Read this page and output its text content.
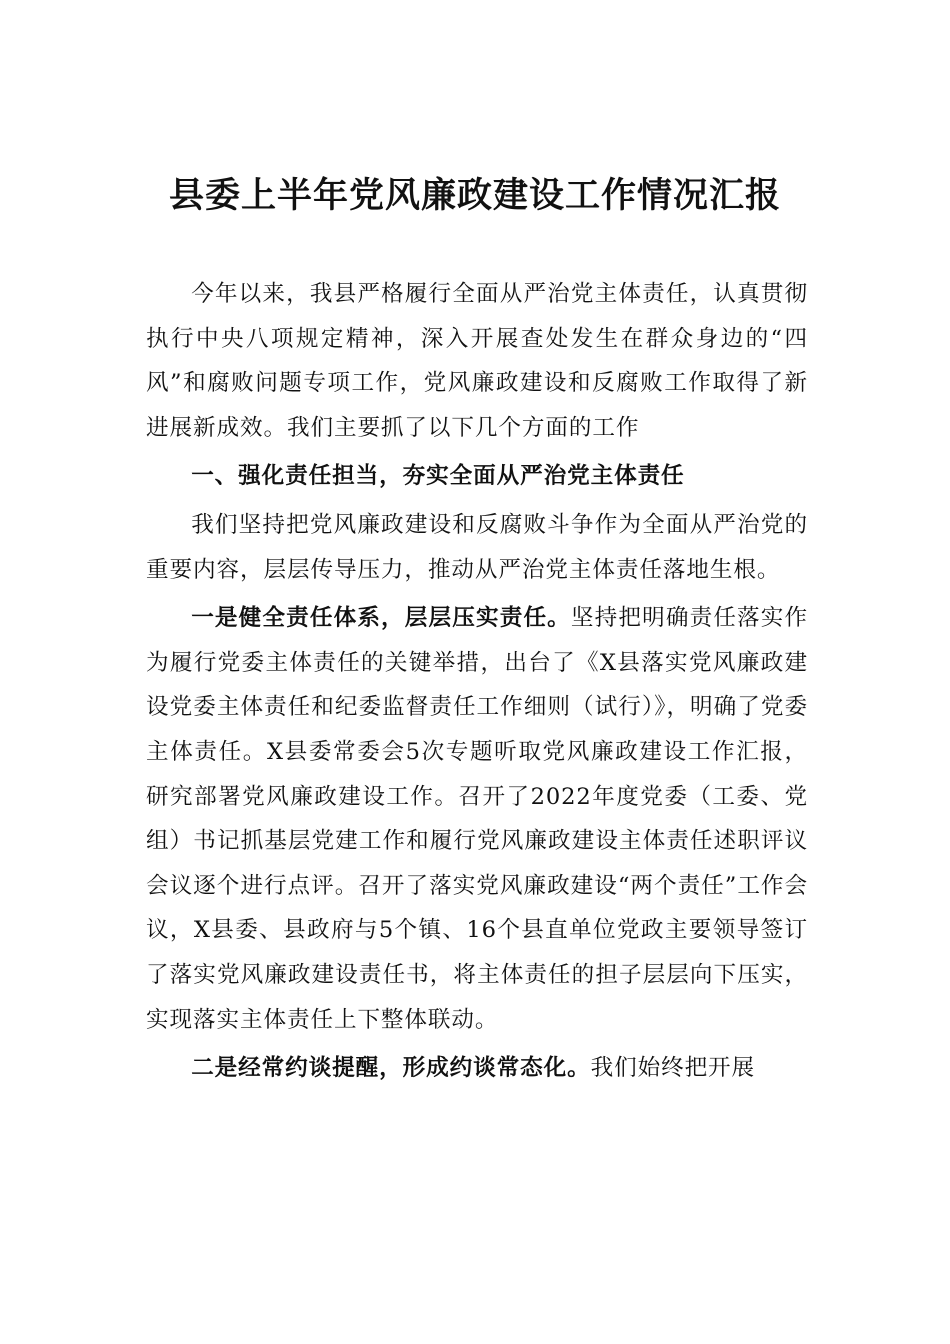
县委上半年党风廉政建设工作情况汇报

今年以来，我县严格履行全面从严治党主体责任，认真贯彻执行中央八项规定精神，深入开展查处发生在群众身边的“四风”和腐败问题专项工作，党风廉政建设和反腐败工作取得了新进展新成效。我们主要抓了以下几个方面的工作

一、强化责任担当，夯实全面从严治党主体责任

我们坚持把党风廉政建设和反腐败斗争作为全面从严治党的重要内容，层层传导压力，推动从严治党主体责任落地生根。

一是健全责任体系，层层压实责任。坚持把明确责任落实作为履行党委主体责任的关键举措，出台了《X县落实党风廉政建设党委主体责任和纪委监督责任工作细则（试行）》，明确了党委主体责任。X县委常委会5次专题听取党风廉政建设工作汇报，研究部署党风廉政建设工作。召开了2022年度党委（工委、党组）书记抓基层党建工作和履行党风廉政建设主体责任述职评议会议逐个进行点评。召开了落实党风廉政建设“两个责任”工作会议，X县委、县政府与5个镇、16个县直单位党政主要领导签订了落实党风廉政建设责任书，将主体责任的担子层层向下压实，实现落实主体责任上下整体联动。

二是经常约谈提醒，形成约谈常态化。我们始终把开展
